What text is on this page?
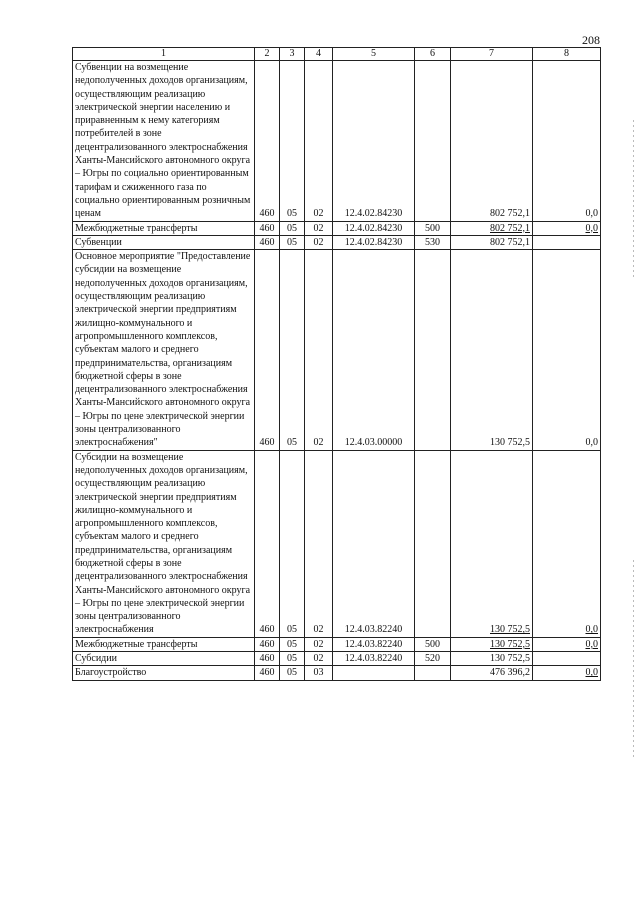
208
1	2	3	4	5	6	7	8
Субвенции на возмещение недополученных доходов организациям, осуществляющим реализацию электрической энергии населению и приравненным к нему категориям потребителей в зоне децентрализованного электроснабжения Ханты-Мансийского автономного округа – Югры по социально ориентированным тарифам и сжиженного газа по социально ориентированным розничным ценам	460	05	02	12.4.02.84230		802 752,1	0,0
Межбюджетные трансферты	460	05	02	12.4.02.84230	500	802 752,1	0,0
Субвенции	460	05	02	12.4.02.84230	530	802 752,1	
Основное мероприятие "Предоставление субсидии на возмещение недополученных доходов организациям, осуществляющим реализацию электрической энергии предприятиям жилищно-коммунального и агропромышленного комплексов, субъектам малого и среднего предпринимательства, организациям бюджетной сферы в зоне децентрализованного электроснабжения Ханты-Мансийского автономного округа – Югры по цене электрической энергии зоны централизованного электроснабжения"	460	05	02	12.4.03.00000		130 752,5	0,0
Субсидии на возмещение недополученных доходов организациям, осуществляющим реализацию электрической энергии предприятиям жилищно-коммунального и агропромышленного комплексов, субъектам малого и среднего предпринимательства, организациям бюджетной сферы в зоне децентрализованного электроснабжения Ханты-Мансийского автономного округа – Югры по цене электрической энергии зоны централизованного электроснабжения	460	05	02	12.4.03.82240		130 752,5	0,0
Межбюджетные трансферты	460	05	02	12.4.03.82240	500	130 752,5	0,0
Субсидии	460	05	02	12.4.03.82240	520	130 752,5	
Благоустройство	460	05	03			476 396,2	0,0
